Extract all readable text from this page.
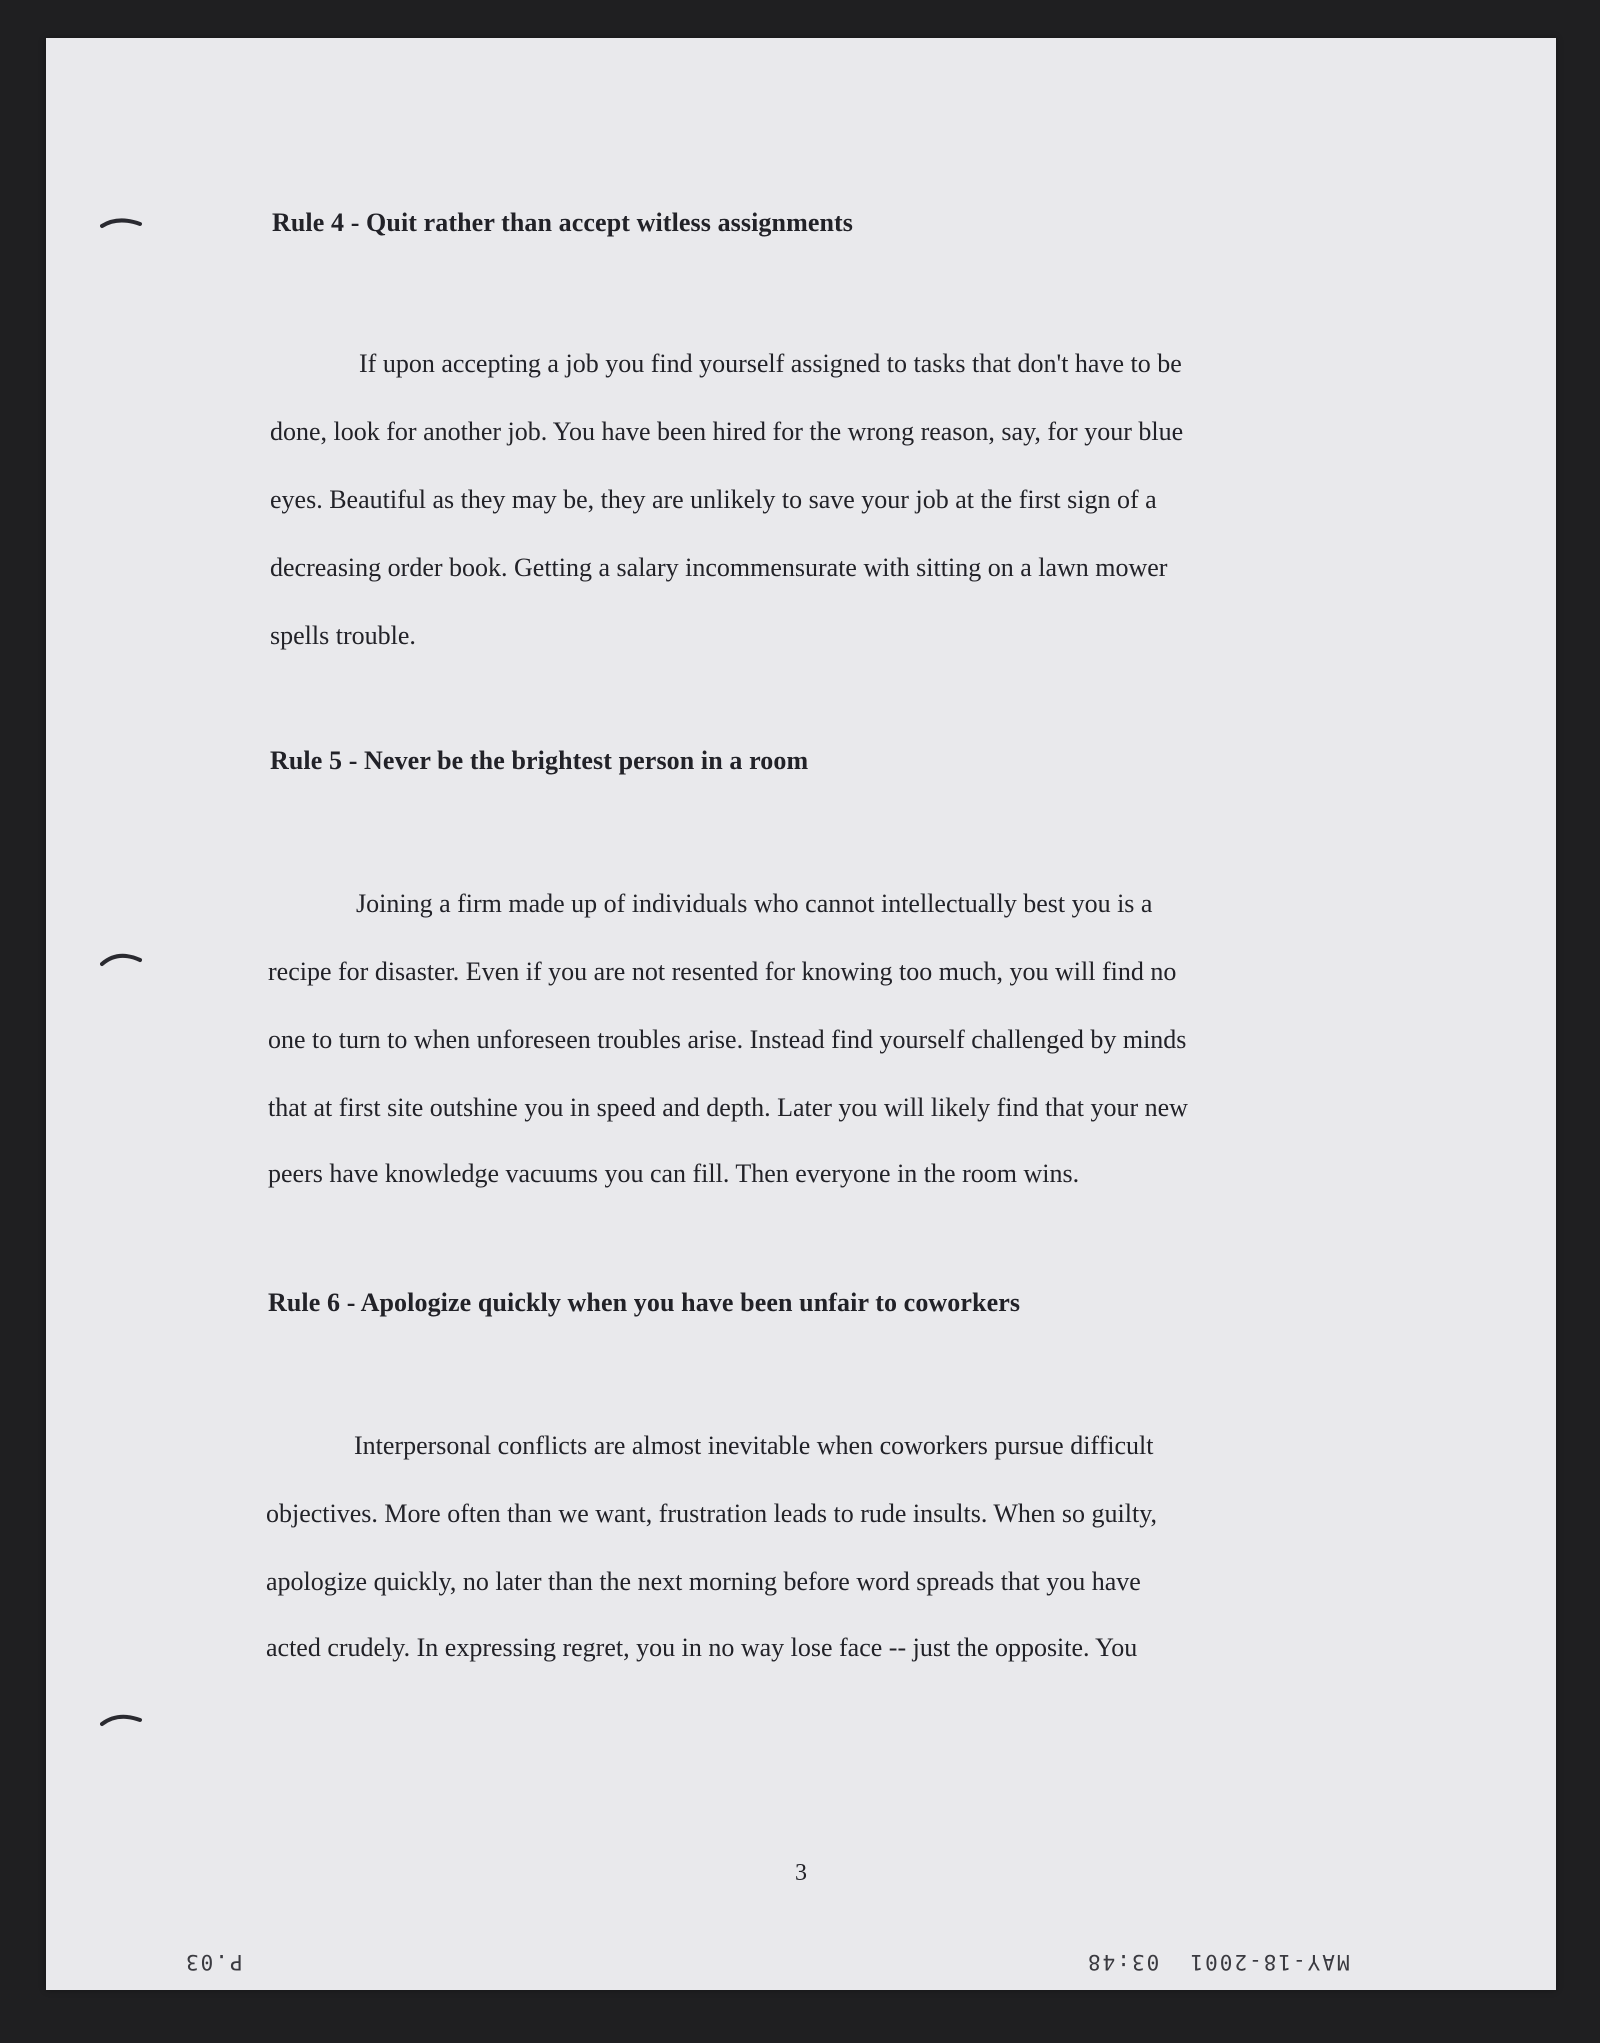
3
MAY-18-2001  03:48
P.03
Rule 4 - Quit rather than accept witless assignments

If upon accepting a job you find yourself assigned to tasks that don't have to be

done, look for another job. You have been hired for the wrong reason, say, for your blue

eyes. Beautiful as they may be, they are unlikely to save your job at the first sign of a

decreasing order book. Getting a salary incommensurate with sitting on a lawn mower

spells trouble.

Rule 5 - Never be the brightest person in a room

Joining a firm made up of individuals who cannot intellectually best you is a

recipe for disaster. Even if you are not resented for knowing too much, you will find no

one to turn to when unforeseen troubles arise. Instead find yourself challenged by minds

that at first site outshine you in speed and depth. Later you will likely find that your new

peers have knowledge vacuums you can fill. Then everyone in the room wins.

Rule 6 - Apologize quickly when you have been unfair to coworkers

Interpersonal conflicts are almost inevitable when coworkers pursue difficult

objectives. More often than we want, frustration leads to rude insults. When so guilty,

apologize quickly, no later than the next morning before word spreads that you have

acted crudely. In expressing regret, you in no way lose face -- just the opposite. You
